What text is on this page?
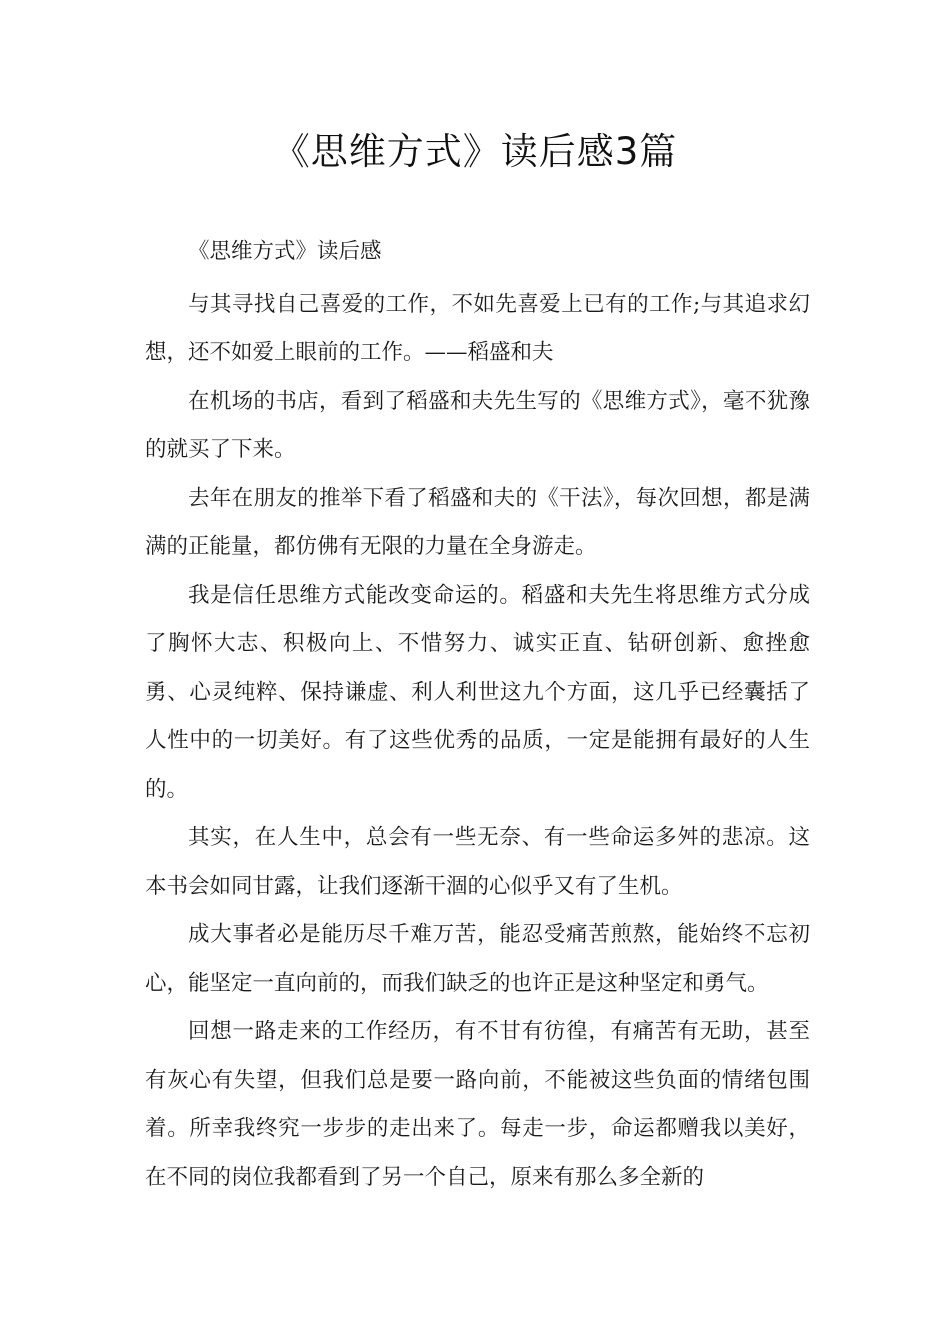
《思维方式》读后感3篇

《思维方式》读后感

与其寻找自己喜爱的工作，不如先喜爱上已有的工作;与其追求幻想，还不如爱上眼前的工作。——稻盛和夫

在机场的书店，看到了稻盛和夫先生写的《思维方式》，毫不犹豫的就买了下来。

去年在朋友的推举下看了稻盛和夫的《干法》，每次回想，都是满满的正能量，都仿佛有无限的力量在全身游走。

我是信任思维方式能改变命运的。稻盛和夫先生将思维方式分成了胸怀大志、积极向上、不惜努力、诚实正直、钻研创新、愈挫愈勇、心灵纯粹、保持谦虚、利人利世这九个方面，这几乎已经囊括了人性中的一切美好。有了这些优秀的品质，一定是能拥有最好的人生的。

其实，在人生中，总会有一些无奈、有一些命运多舛的悲凉。这本书会如同甘露，让我们逐渐干涸的心似乎又有了生机。

成大事者必是能历尽千难万苦，能忍受痛苦煎熬，能始终不忘初心，能坚定一直向前的，而我们缺乏的也许正是这种坚定和勇气。

回想一路走来的工作经历，有不甘有彷徨，有痛苦有无助，甚至有灰心有失望，但我们总是要一路向前，不能被这些负面的情绪包围着。所幸我终究一步步的走出来了。每走一步，命运都赠我以美好，在不同的岗位我都看到了另一个自己，原来有那么多全新的
